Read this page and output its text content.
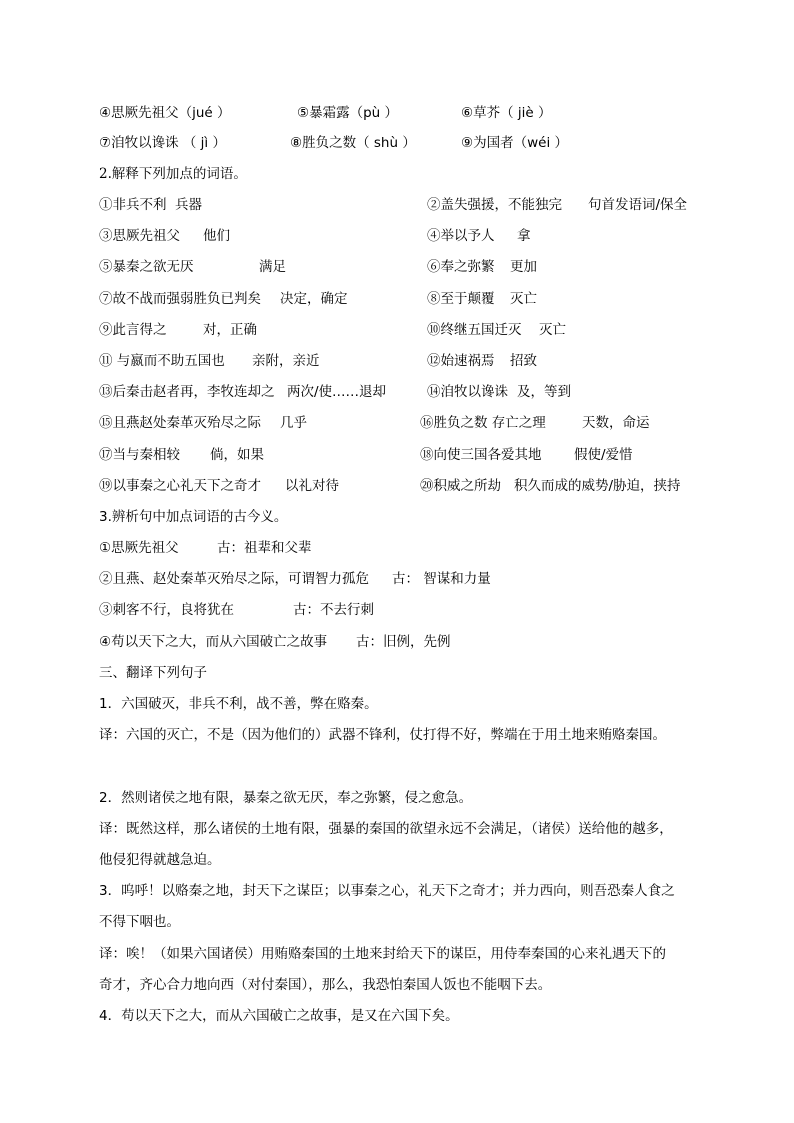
④思厥先祖父（jué ）	⑤暴霜露（pù ）	⑥草芥（ jiè ）
⑦洎牧以谗诛 （ jì ）	⑧胜负之数（ shù ）	⑨为国者（wéi ）
2.解释下列加点的词语。
①非兵不利 兵器	②盖失强援，不能独完 句首发语词/保全
③思厥先祖父 他们	④举以予人 拿
⑤暴秦之欲无厌	满足	⑥奉之弥繁 更加
⑦故不战而强弱胜负已判矣 决定，确定	⑧至于颠覆 灭亡
⑨此言得之	对，正确	⑩终继五国迁灭 灭亡
⑪ 与嬴而不助五国也 亲附，亲近	⑫始速祸焉 招致
⑬后秦击赵者再，李牧连却之 两次/使……退却	⑭洎牧以谗诛 及，等到
⑮且燕赵处秦革灭殆尽之际 几乎	⑯胜负之数 存亡之理	天数，命运
⑰当与秦相较 倘，如果	⑱向使三国各爱其地 假使/爱惜
⑲以事秦之心礼天下之奇才 以礼对待	⑳积威之所劫 积久而成的威势/胁迫，挟持
3.辨析句中加点词语的古今义。
①思厥先祖父	古：祖辈和父辈
②且燕、赵处秦革灭殆尽之际，可谓智力孤危 古： 智谋和力量
③刺客不行，良将犹在	古：不去行刺
④苟以天下之大，而从六国破亡之故事 古：旧例，先例
三、翻译下列句子
1．六国破灭，非兵不利，战不善，弊在赂秦。
译：六国的灭亡，不是（因为他们的）武器不锋利，仗打得不好，弊端在于用土地来贿赂秦国。
2．然则诸侯之地有限，暴秦之欲无厌，奉之弥繁，侵之愈急。
译：既然这样，那么诸侯的土地有限，强暴的秦国的欲望永远不会满足，（诸侯）送给他的越多，
他侵犯得就越急迫。
3．呜呼！以赂秦之地，封天下之谋臣；以事秦之心，礼天下之奇才；并力西向，则吾恐秦人食之
不得下咽也。
译：唉！（如果六国诸侯）用贿赂秦国的土地来封给天下的谋臣，用侍奉秦国的心来礼遇天下的
奇才，齐心合力地向西（对付秦国），那么，我恐怕秦国人饭也不能咽下去。
4．苟以天下之大，而从六国破亡之故事，是又在六国下矣。
